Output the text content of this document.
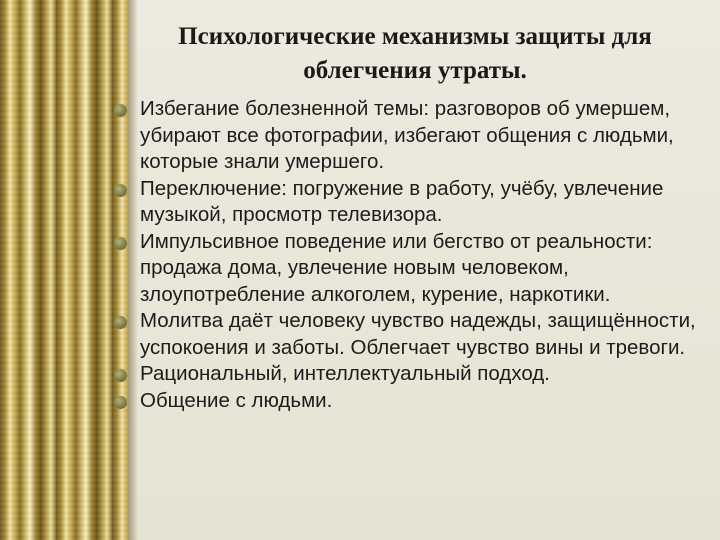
Психологические механизмы защиты для
облегчения утраты.
Избегание болезненной темы: разговоров об умершем, убирают все фотографии, избегают общения с людьми, которые знали умершего.
Переключение: погружение в работу, учёбу, увлечение музыкой, просмотр телевизора.
Импульсивное поведение или бегство от реальности: продажа дома, увлечение новым человеком, злоупотребление алкоголем, курение, наркотики.
Молитва даёт человеку чувство надежды, защищённости, успокоения и заботы. Облегчает чувство вины и тревоги.
Рациональный, интеллектуальный подход.
Общение с людьми.
